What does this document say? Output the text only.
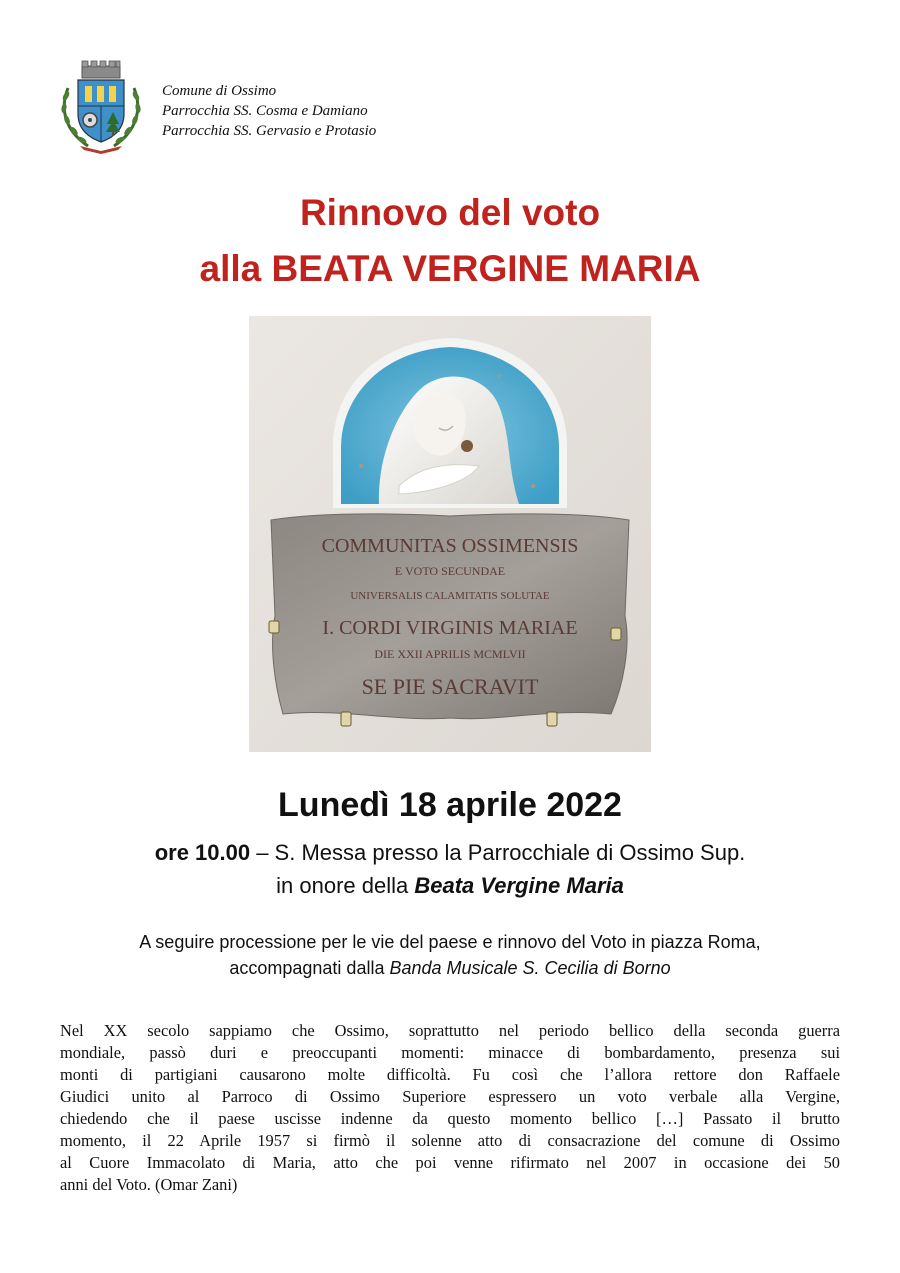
Comune di Ossimo
Parrocchia SS. Cosma e Damiano
Parrocchia SS. Gervasio e Protasio
Rinnovo del voto
alla BEATA VERGINE MARIA
COMMUNITAS OSSIMENSIS
E VOTO SECUNDAE
UNIVERSALIS CALAMITATIS SOLUTAE
I. CORDI VIRGINIS MARIAE
DIE XXII APRILIS MCMLVII
SE PIE SACRAVIT
Lunedì 18 aprile 2022
ore 10.00 – S. Messa presso la Parrocchiale di Ossimo Sup.
in onore della Beata Vergine Maria
A seguire processione per le vie del paese e rinnovo del Voto in piazza Roma,
accompagnati dalla Banda Musicale S. Cecilia di Borno
Nel XX secolo sappiamo che Ossimo, soprattutto nel periodo bellico della seconda guerra
mondiale, passò duri e preoccupanti momenti: minacce di bombardamento, presenza sui
monti di partigiani causarono molte difficoltà. Fu così che l’allora rettore don Raffaele
Giudici unito al Parroco di Ossimo Superiore espressero un voto verbale alla Vergine,
chiedendo che il paese uscisse indenne da questo momento bellico […] Passato il brutto
momento, il 22 Aprile 1957 si firmò il solenne atto di consacrazione del comune di Ossimo
al Cuore Immacolato di Maria, atto che poi venne rifirmato nel 2007 in occasione dei 50
anni del Voto. (Omar Zani)
